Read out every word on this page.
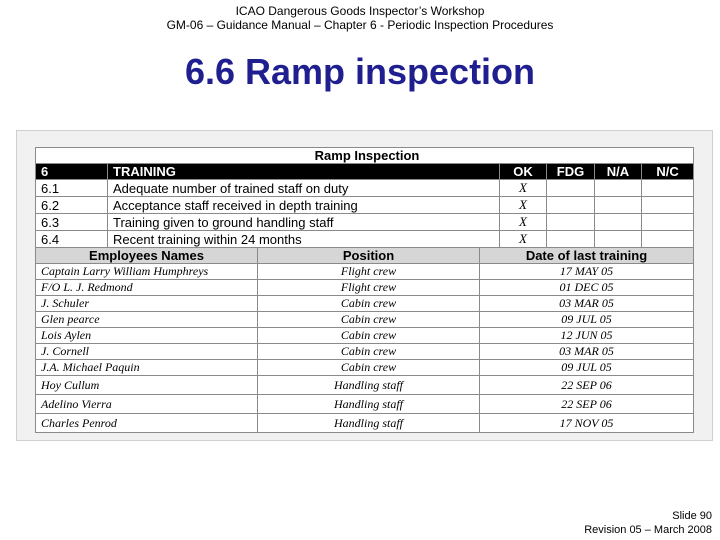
ICAO Dangerous Goods Inspector’s Workshop
GM-06 – Guidance Manual – Chapter 6 - Periodic Inspection Procedures
6.6 Ramp inspection
Ramp Inspection					
6	TRAINING	OK	FDG	N/A	N/C
6.1	Adequate number of trained staff on duty	X			
6.2	Acceptance staff received in depth training	X			
6.3	Training given to ground handling staff	X			
6.4	Recent training within 24 months	X			
Employees Names	Position	Date of last training
Captain Larry William Humphreys	Flight crew	17 MAY 05
F/O L. J. Redmond	Flight crew	01 DEC 05
J. Schuler	Cabin crew	03 MAR 05
Glen pearce	Cabin crew	09 JUL 05
Lois Aylen	Cabin crew	12 JUN 05
J. Cornell	Cabin crew	03 MAR 05
J.A. Michael Paquin	Cabin crew	09 JUL 05
Hoy Cullum	Handling staff	22 SEP 06
Adelino Vierra	Handling staff	22 SEP 06
Charles Penrod	Handling staff	17 NOV 05
Slide 90
Revision 05 – March 2008
